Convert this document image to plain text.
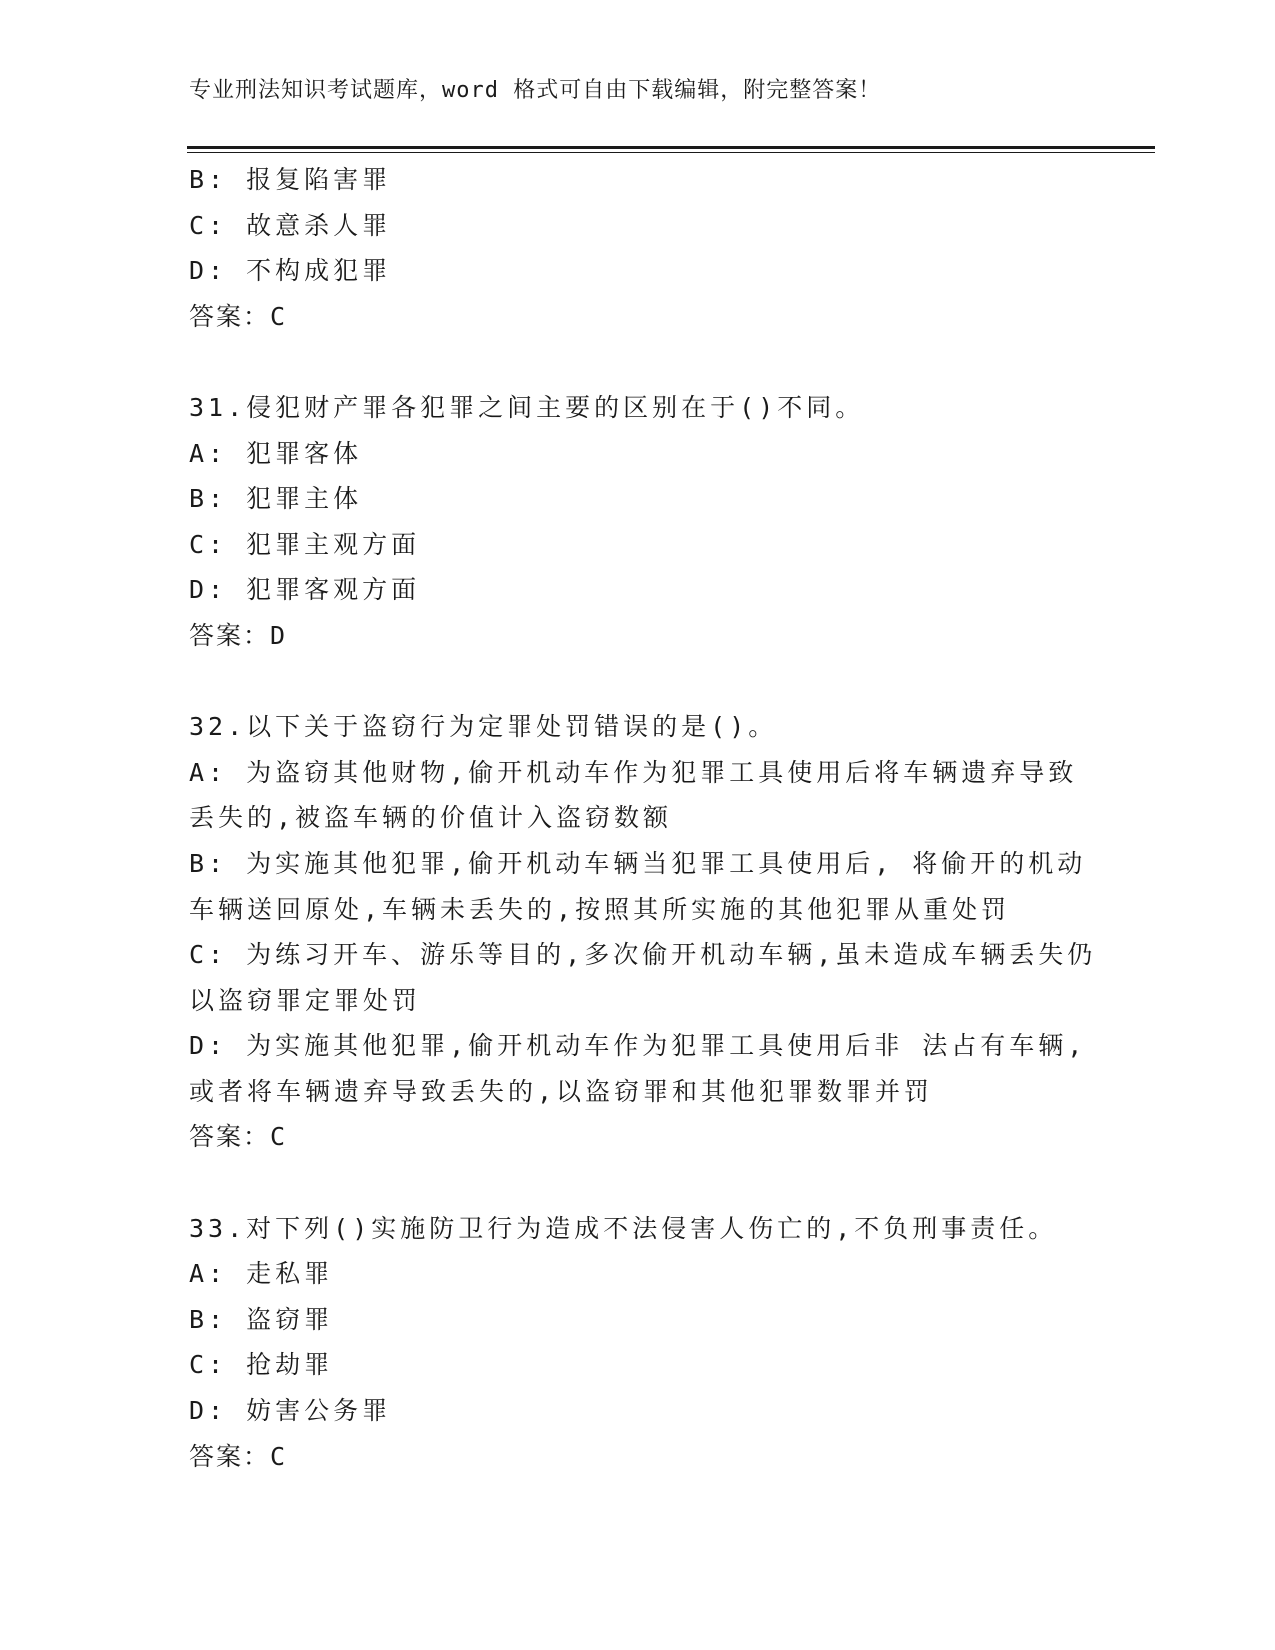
专业刑法知识考试题库，word 格式可自由下载编辑，附完整答案！
B: 报复陷害罪
C: 故意杀人罪
D: 不构成犯罪
答案：C
31.侵犯财产罪各犯罪之间主要的区别在于()不同。
A: 犯罪客体
B: 犯罪主体
C: 犯罪主观方面
D: 犯罪客观方面
答案：D
32.以下关于盗窃行为定罪处罚错误的是()。
A: 为盗窃其他财物,偷开机动车作为犯罪工具使用后将车辆遗弃导致
丢失的,被盗车辆的价值计入盗窃数额
B: 为实施其他犯罪,偷开机动车辆当犯罪工具使用后, 将偷开的机动
车辆送回原处,车辆未丢失的,按照其所实施的其他犯罪从重处罚
C: 为练习开车、游乐等目的,多次偷开机动车辆,虽未造成车辆丢失仍
以盗窃罪定罪处罚
D: 为实施其他犯罪,偷开机动车作为犯罪工具使用后非 法占有车辆,
或者将车辆遗弃导致丢失的,以盗窃罪和其他犯罪数罪并罚
答案：C
33.对下列()实施防卫行为造成不法侵害人伤亡的,不负刑事责任。
A: 走私罪
B: 盗窃罪
C: 抢劫罪
D: 妨害公务罪
答案：C
